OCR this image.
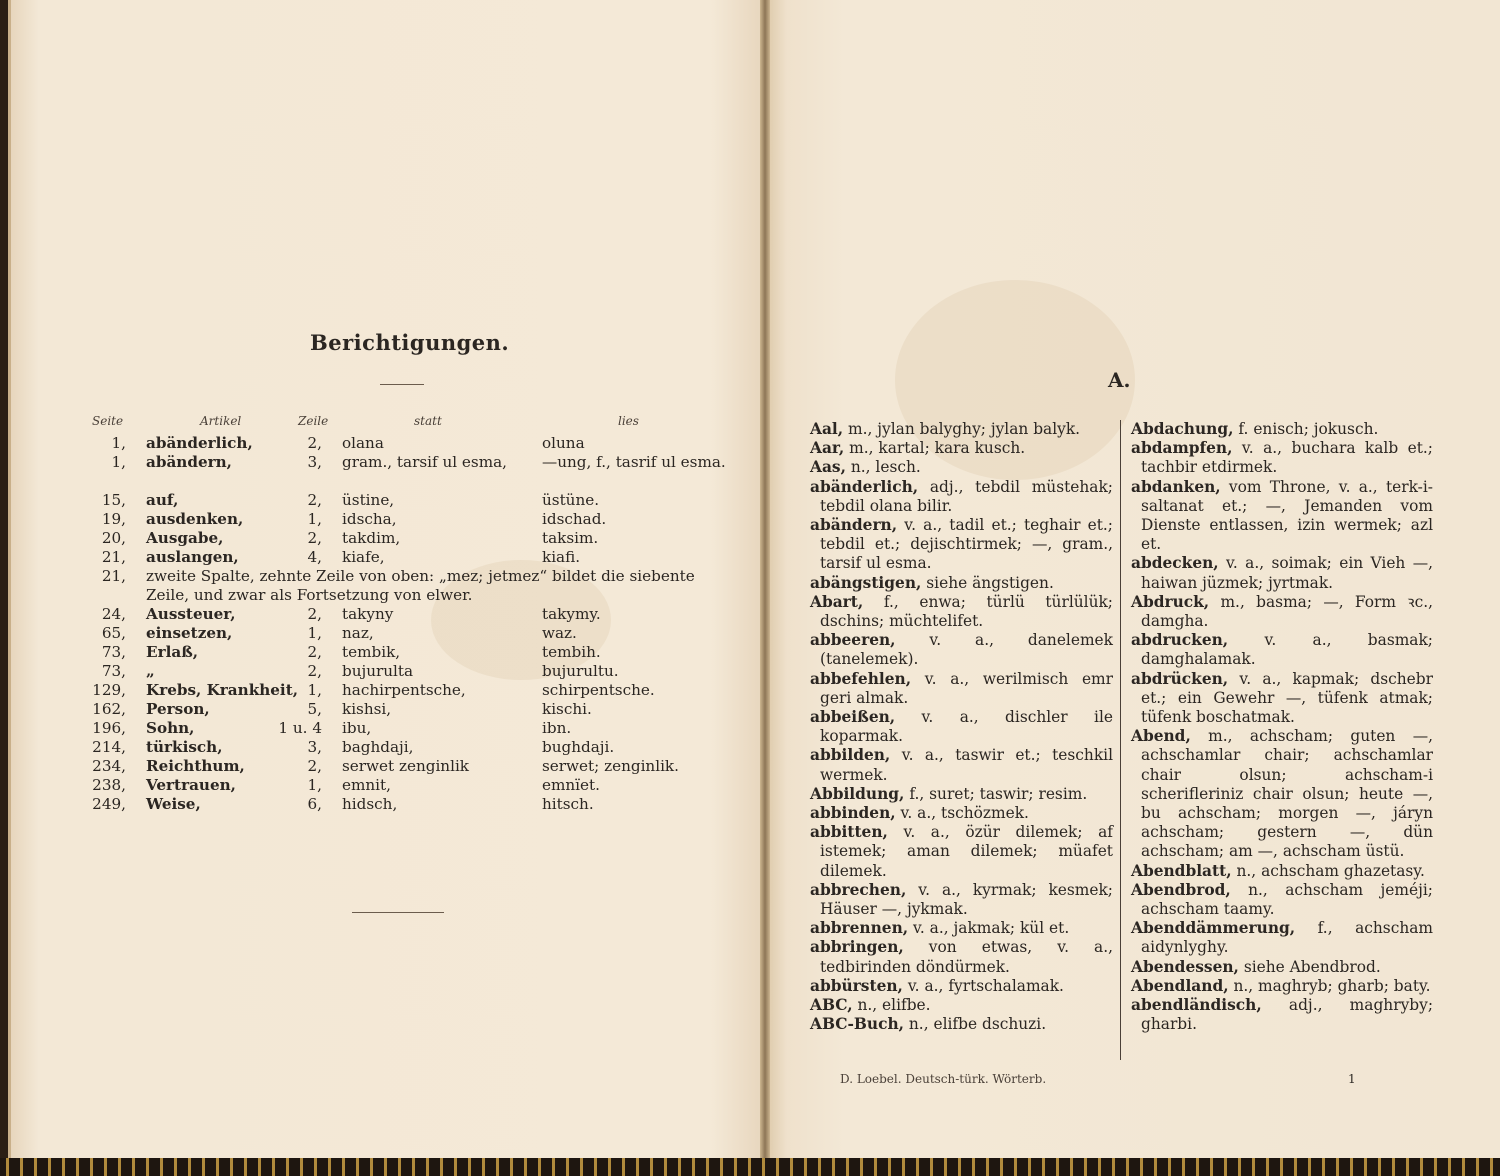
Berichtigungen.
Seite	Artikel	Zeile	statt	lies
1, abänderlich,	2, olana	oluna
1, abändern,	3, gram., tarsif ul esma,	—ung, f., tasrif ul esma.
15, auf,	2, üstine,	üstüne.
19, ausdenken,	1, idscha,	idschad.
20, Ausgabe,	2, takdim,	taksim.
21, auslangen,	4, kiafe,	kiafi.
21, zweite Spalte, zehnte Zeile von oben: „mez; jetmez“ bildet die siebente Zeile, und zwar als Fortsetzung von elwer.
24, Aussteuer,	2, takyny	takymy.
65, einsetzen,	1, naz,	waz.
73, Erlaß,	2, tembik,	tembih.
73, „	2, bujurulta	bujurultu.
129, Krebs, Krankheit, 1, hachirpentsche,	schirpentsche.
162, Person,	5, kishsi,	kischi.
196, Sohn,	1 u. 4 ibu,	ibn.
214, türkisch,	3, baghdaji,	bughdaji.
234, Reichthum,	2, serwet zenginlik	serwet; zenginlik.
238, Vertrauen,	1, emnit,	emnïet.
249, Weise,	6, hidsch,	hitsch.
A.

Aal, m., jylan balyghy; jylan balyk.

Aar, m., kartal; kara kusch.

Aas, n., lesch.

abänderlich, adj., tebdil müstehak; tebdil olana bilir.

abändern, v. a., tadil et.; teghair et.; tebdil et.; dejischtirmek; —, gram., tarsif ul esma.

abängstigen, siehe ängstigen.

Abart, f., enwa; türlü türlülük; dschins; müchtelifet.

abbeeren, v. a., danelemek (tanelemek).

abbefehlen, v. a., werilmisch emr geri almak.

abbeißen, v. a., dischler ile koparmak.

abbilden, v. a., taswir et.; teschkil wermek.

Abbildung, f., suret; taswir; resim.

abbinden, v. a., tschözmek.

abbitten, v. a., özür dilemek; af istemek; aman dilemek; müafet dilemek.

abbrechen, v. a., kyrmak; kesmek; Häuser —, jykmak.

abbrennen, v. a., jakmak; kül et.

abbringen, von etwas, v. a., tedbirinden döndürmek.

abbürsten, v. a., fyrtschalamak.

ABC, n., elifbe.

ABC-Buch, n., elifbe dschuzi.

Abdachung, f. enisch; jokusch.

abdampfen, v. a., buchara kalb et.; tachbir etdirmek.

abdanken, vom Throne, v. a., terk-i-saltanat et.; —, Jemanden vom Dienste entlassen, izin wermek; azl et.

abdecken, v. a., soimak; ein Vieh —, haiwan jüzmek; jyrtmak.

Abdruck, m., basma; —, Form ꝛc., damgha.

abdrucken, v. a., basmak; damghalamak.

abdrücken, v. a., kapmak; dschebr et.; ein Gewehr —, tüfenk atmak; tüfenk boschatmak.

Abend, m., achscham; guten —, achschamlar chair; achschamlar chair olsun; achscham-i scherifleriniz chair olsun; heute —, bu achscham; morgen —, járyn achscham; gestern —, dün achscham; am —, achscham üstü.

Abendblatt, n., achscham ghazetasy.

Abendbrod, n., achscham jeméji; achscham taamy.

Abenddämmerung, f., achscham aidynlyghy.

Abendessen, siehe Abendbrod.

Abendland, n., maghryb; gharb; baty.

abendländisch, adj., maghryby; gharbi.

D. Loebel. Deutsch-türk. Wörterb.	1
